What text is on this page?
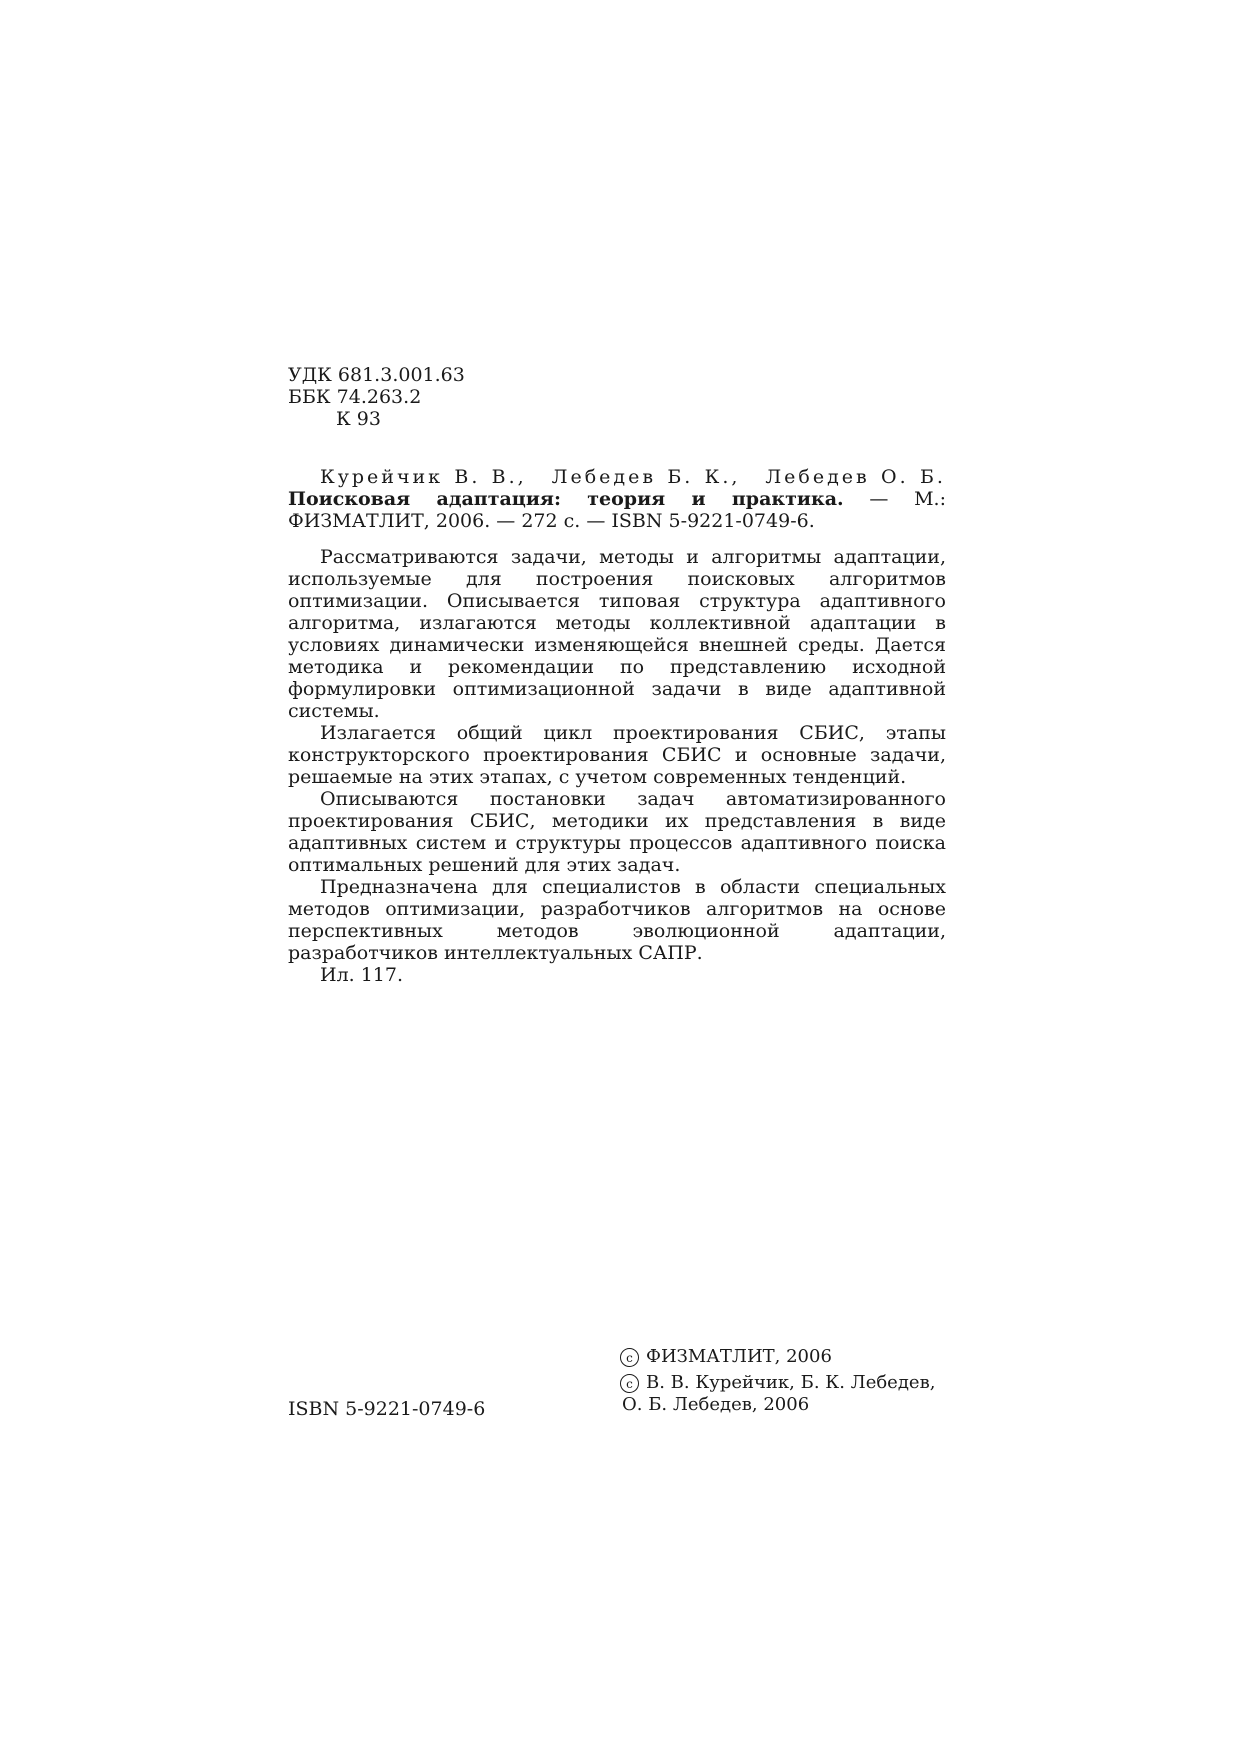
УДК 681.3.001.63
ББК 74.263.2
К 93

Курейчик В. В., Лебедев Б. К., Лебедев О. Б. Поисковая адаптация: теория и практика. — М.: ФИЗМАТЛИТ, 2006. — 272 с. — ISBN 5-9221-0749-6.

Рассматриваются задачи, методы и алгоритмы адаптации, используемые для построения поисковых алгоритмов оптимизации. Описывается типовая структура адаптивного алгоритма, излагаются методы коллективной адаптации в условиях динамически изменяющейся внешней среды. Дается методика и рекомендации по представлению исходной формулировки оптимизационной задачи в виде адаптивной системы.

Излагается общий цикл проектирования СБИС, этапы конструкторского проектирования СБИС и основные задачи, решаемые на этих этапах, с учетом современных тенденций.

Описываются постановки задач автоматизированного проектирования СБИС, методики их представления в виде адаптивных систем и структуры процессов адаптивного поиска оптимальных решений для этих задач.

Предназначена для специалистов в области специальных методов оптимизации, разработчиков алгоритмов на основе перспективных методов эволюционной адаптации, разработчиков интеллектуальных САПР.

Ил. 117.

ISBN 5-9221-0749-6
c ФИЗМАТЛИТ, 2006
c В. В. Курейчик, Б. К. Лебедев,
О. Б. Лебедев, 2006
